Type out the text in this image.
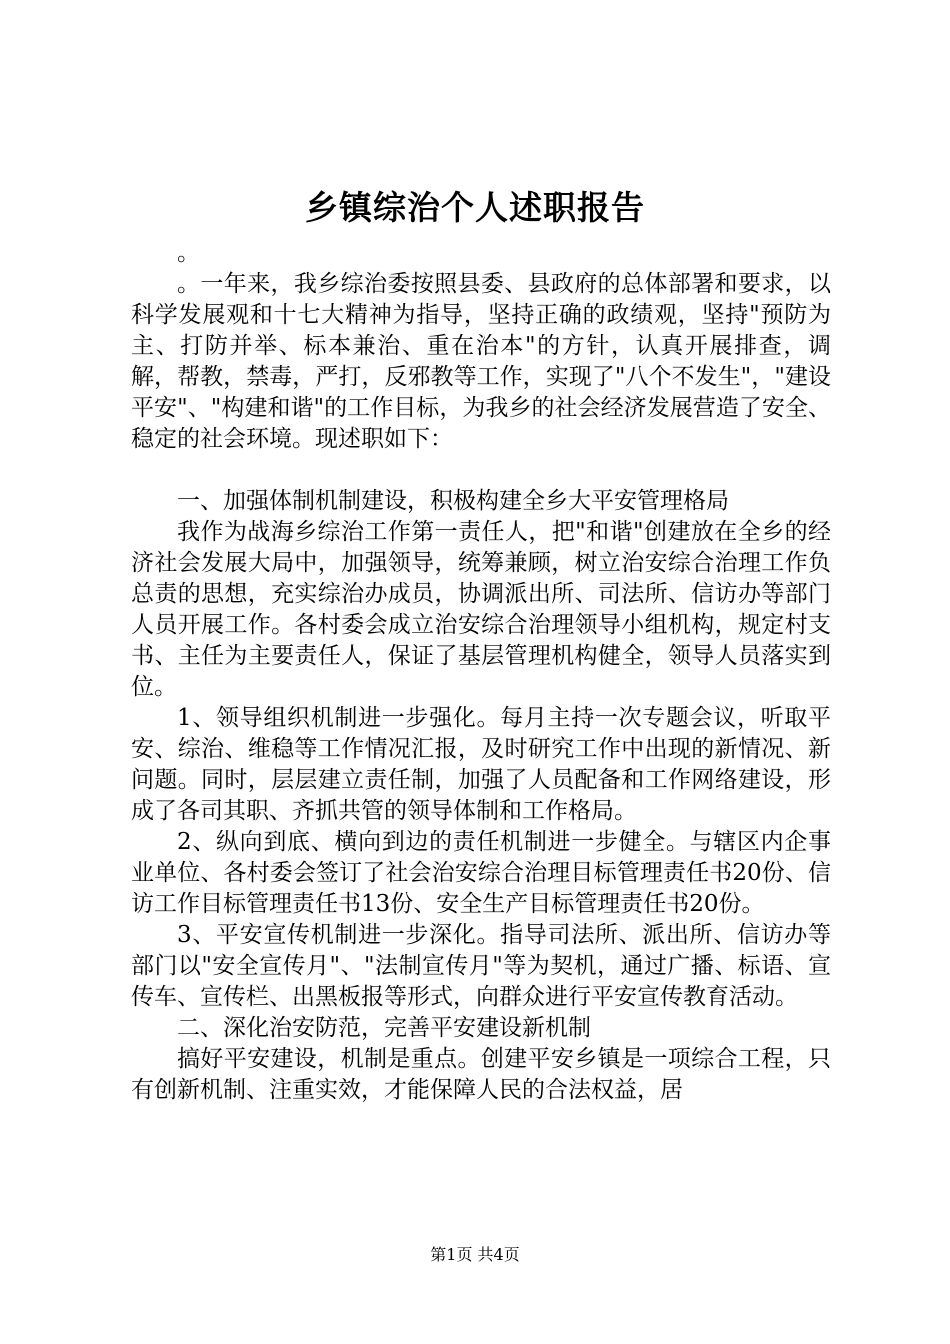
乡镇综治个人述职报告

。

。一年来，我乡综治委按照县委、县政府的总体部署和要求，以科学发展观和十七大精神为指导，坚持正确的政绩观，坚持"预防为主、打防并举、标本兼治、重在治本"的方针，认真开展排查，调解，帮教，禁毒，严打，反邪教等工作，实现了"八个不发生"，"建设平安"、"构建和谐"的工作目标，为我乡的社会经济发展营造了安全、稳定的社会环境。现述职如下：

一、加强体制机制建设，积极构建全乡大平安管理格局

我作为战海乡综治工作第一责任人，把"和谐"创建放在全乡的经济社会发展大局中，加强领导，统筹兼顾，树立治安综合治理工作负总责的思想，充实综治办成员，协调派出所、司法所、信访办等部门人员开展工作。各村委会成立治安综合治理领导小组机构，规定村支书、主任为主要责任人，保证了基层管理机构健全，领导人员落实到位。

1、领导组织机制进一步强化。每月主持一次专题会议，听取平安、综治、维稳等工作情况汇报，及时研究工作中出现的新情况、新问题。同时，层层建立责任制，加强了人员配备和工作网络建设，形成了各司其职、齐抓共管的领导体制和工作格局。

2、纵向到底、横向到边的责任机制进一步健全。与辖区内企事业单位、各村委会签订了社会治安综合治理目标管理责任书20份、信访工作目标管理责任书13份、安全生产目标管理责任书20份。

3、平安宣传机制进一步深化。指导司法所、派出所、信访办等部门以"安全宣传月"、"法制宣传月"等为契机，通过广播、标语、宣传车、宣传栏、出黑板报等形式，向群众进行平安宣传教育活动。

二、深化治安防范，完善平安建设新机制

搞好平安建设，机制是重点。创建平安乡镇是一项综合工程，只有创新机制、注重实效，才能保障人民的合法权益，居

第1页 共4页
